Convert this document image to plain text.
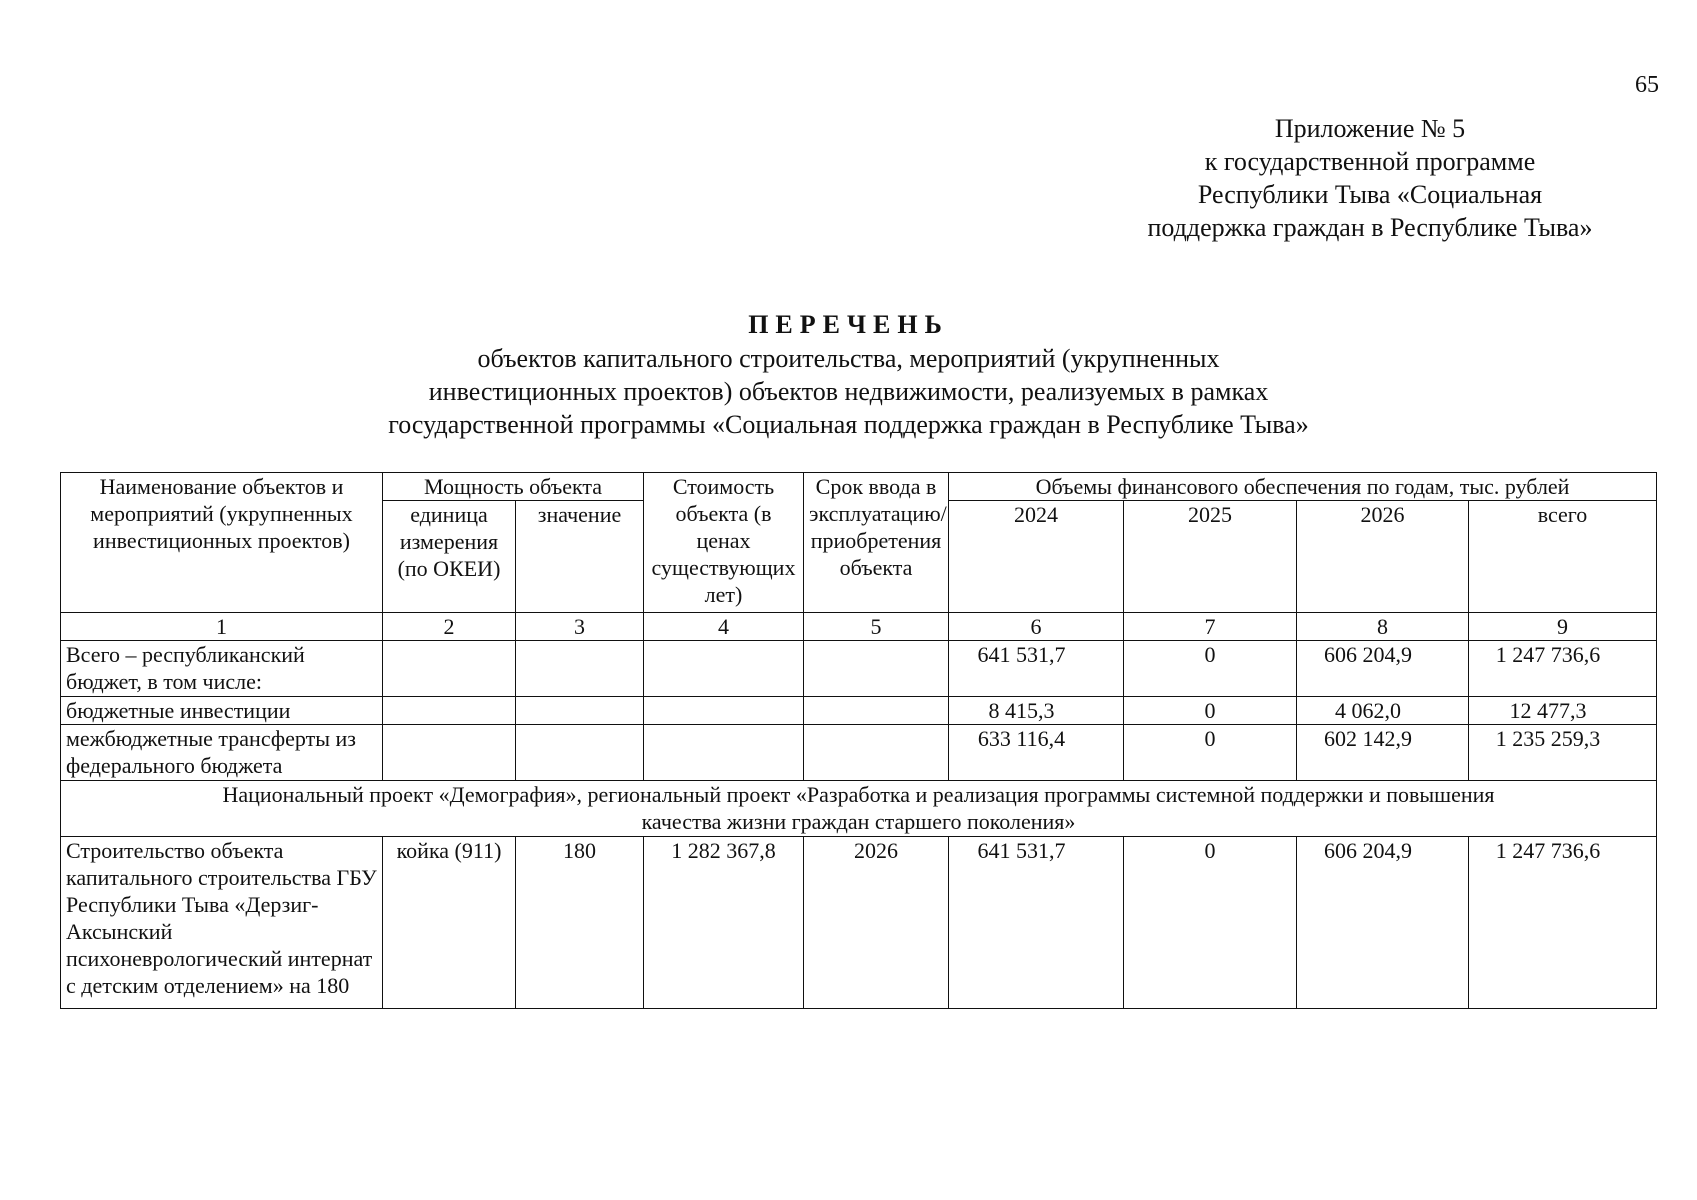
65
Приложение № 5
к государственной программе
Республики Тыва «Социальная
поддержка граждан в Республике Тыва»
ПЕРЕЧЕНЬ
объектов капитального строительства, мероприятий (укрупненных
инвестиционных проектов) объектов недвижимости, реализуемых в рамках
государственной программы «Социальная поддержка граждан в Республике Тыва»
Наименование объектов и мероприятий (укрупненных инвестиционных проектов)	Мощность объекта		Стоимость объекта (в ценах существующих лет)	Срок ввода в эксплуатацию/ приобретения объекта	Объемы финансового обеспечения по годам, тыс. рублей			
	единица измерения (по ОКЕИ)	значение			2024	2025	2026	всего
1	2	3	4	5	6	7	8	9
Всего – республиканский бюджет, в том числе:					641 531,7	0	606 204,9	1 247 736,6
бюджетные инвестиции					8 415,3	0	4 062,0	12 477,3
межбюджетные трансферты из федерального бюджета					633 116,4	0	602 142,9	1 235 259,3
Национальный проект «Демография», региональный проект «Разработка и реализация программы системной поддержки и повышения качества жизни граждан старшего поколения»								
Строительство объекта капитального строительства ГБУ Республики Тыва «Дерзиг-Аксынский психоневрологический интернат с детским отделением» на 180	койка (911)	180	1 282 367,8	2026	641 531,7	0	606 204,9	1 247 736,6
